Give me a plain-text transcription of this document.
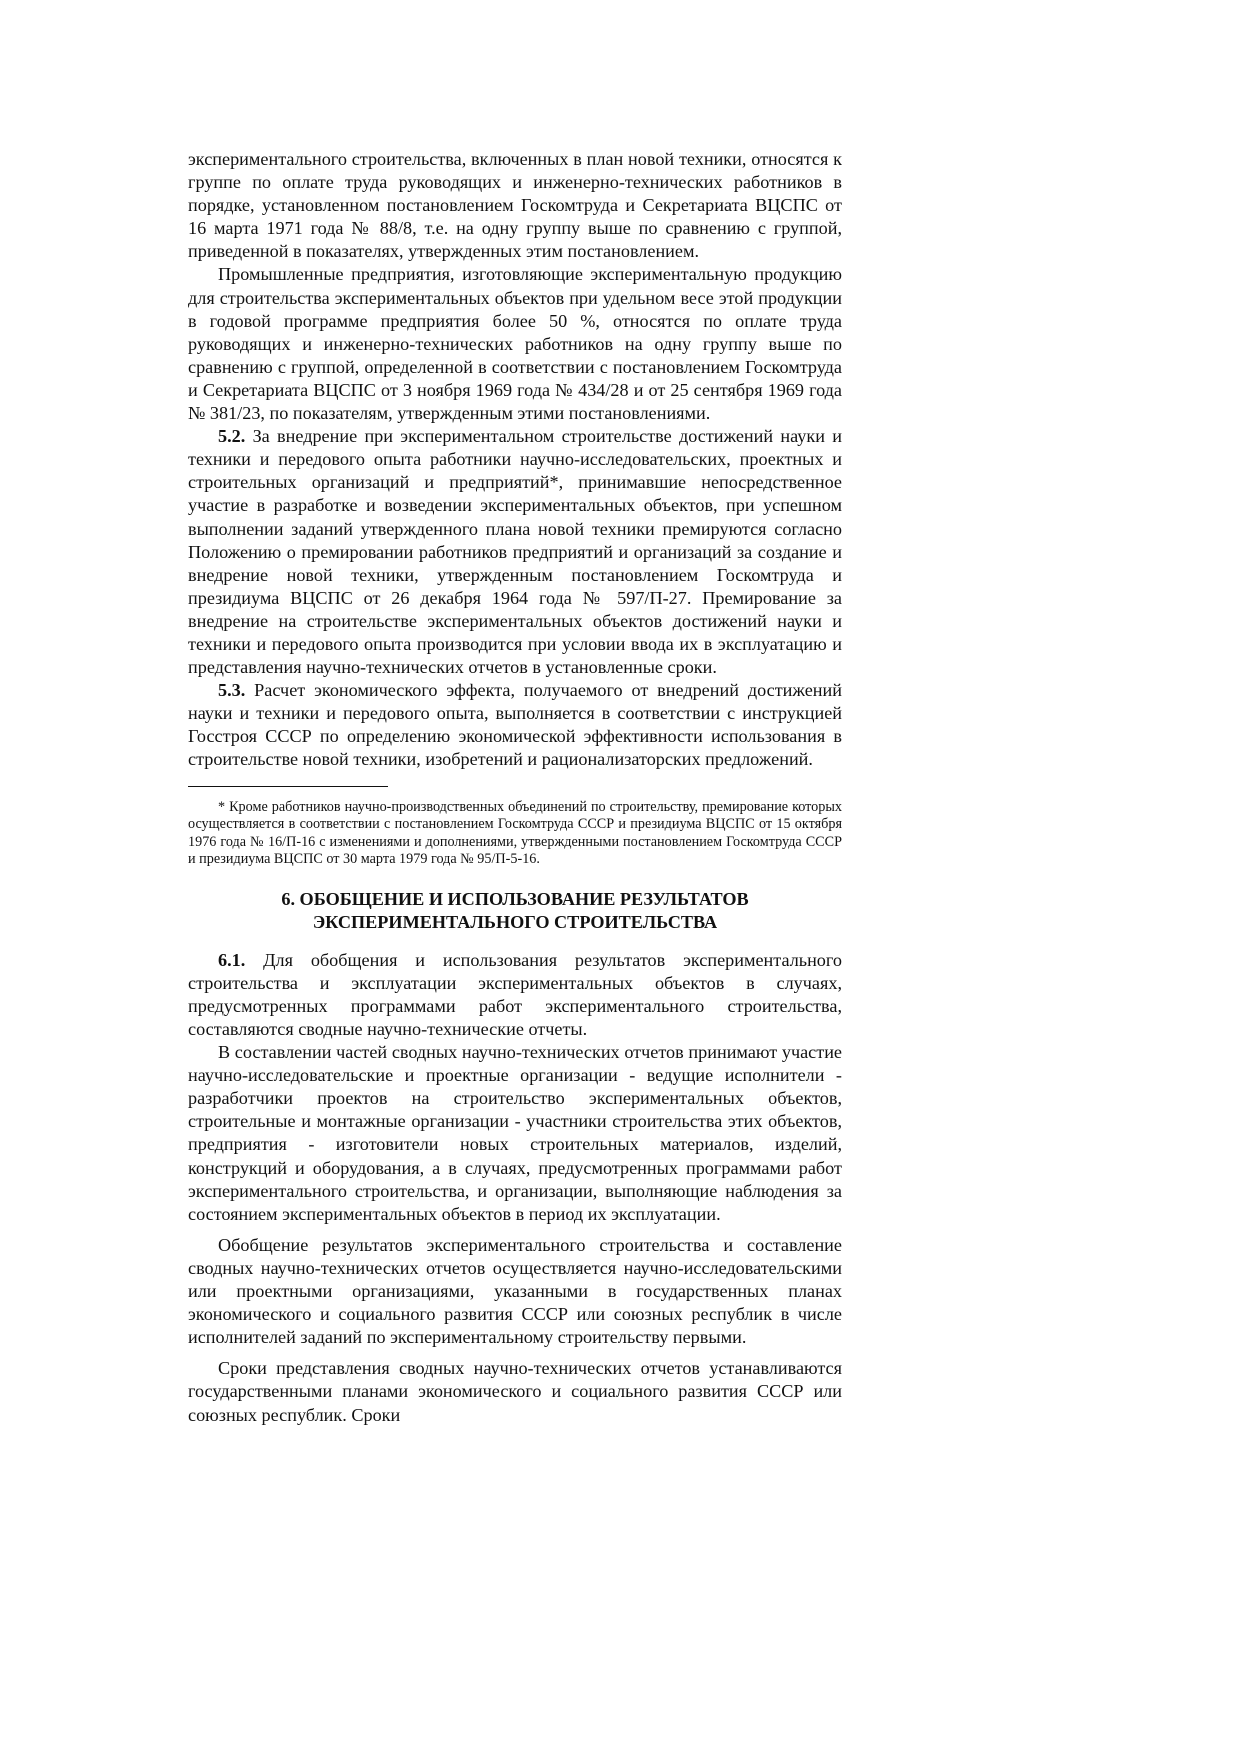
экспериментального строительства, включенных в план новой техники, относятся к группе по оплате труда руководящих и инженерно-технических работников в порядке, установленном постановлением Госкомтруда и Секретариата ВЦСПС от 16 марта 1971 года № 88/8, т.е. на одну группу выше по сравнению с группой, приведенной в показателях, утвержденных этим постановлением.

Промышленные предприятия, изготовляющие экспериментальную продукцию для строительства экспериментальных объектов при удельном весе этой продукции в годовой программе предприятия более 50 %, относятся по оплате труда руководящих и инженерно-технических работников на одну группу выше по сравнению с группой, определенной в соответствии с постановлением Госкомтруда и Секретариата ВЦСПС от 3 ноября 1969 года № 434/28 и от 25 сентября 1969 года № 381/23, по показателям, утвержденным этими постановлениями.

5.2. За внедрение при экспериментальном строительстве достижений науки и техники и передового опыта работники научно-исследовательских, проектных и строительных организаций и предприятий*, принимавшие непосредственное участие в разработке и возведении экспериментальных объектов, при успешном выполнении заданий утвержденного плана новой техники премируются согласно Положению о премировании работников предприятий и организаций за создание и внедрение новой техники, утвержденным постановлением Госкомтруда и президиума ВЦСПС от 26 декабря 1964 года № 597/П-27. Премирование за внедрение на строительстве экспериментальных объектов достижений науки и техники и передового опыта производится при условии ввода их в эксплуатацию и представления научно-технических отчетов в установленные сроки.

5.3. Расчет экономического эффекта, получаемого от внедрений достижений науки и техники и передового опыта, выполняется в соответствии с инструкцией Госстроя СССР по определению экономической эффективности использования в строительстве новой техники, изобретений и рационализаторских предложений.

* Кроме работников научно-производственных объединений по строительству, премирование которых осуществляется в соответствии с постановлением Госкомтруда СССР и президиума ВЦСПС от 15 октября 1976 года № 16/П-16 с изменениями и дополнениями, утвержденными постановлением Госкомтруда СССР и президиума ВЦСПС от 30 марта 1979 года № 95/П-5-16.

6. ОБОБЩЕНИЕ И ИСПОЛЬЗОВАНИЕ РЕЗУЛЬТАТОВ
ЭКСПЕРИМЕНТАЛЬНОГО СТРОИТЕЛЬСТВА

6.1. Для обобщения и использования результатов экспериментального строительства и эксплуатации экспериментальных объектов в случаях, предусмотренных программами работ экспериментального строительства, составляются сводные научно-технические отчеты.

В составлении частей сводных научно-технических отчетов принимают участие научно-исследовательские и проектные организации - ведущие исполнители - разработчики проектов на строительство экспериментальных объектов, строительные и монтажные организации - участники строительства этих объектов, предприятия - изготовители новых строительных материалов, изделий, конструкций и оборудования, а в случаях, предусмотренных программами работ экспериментального строительства, и организации, выполняющие наблюдения за состоянием экспериментальных объектов в период их эксплуатации.

Обобщение результатов экспериментального строительства и составление сводных научно-технических отчетов осуществляется научно-исследовательскими или проектными организациями, указанными в государственных планах экономического и социального развития СССР или союзных республик в числе исполнителей заданий по экспериментальному строительству первыми.

Сроки представления сводных научно-технических отчетов устанавливаются государственными планами экономического и социального развития СССР или союзных республик. Сроки
